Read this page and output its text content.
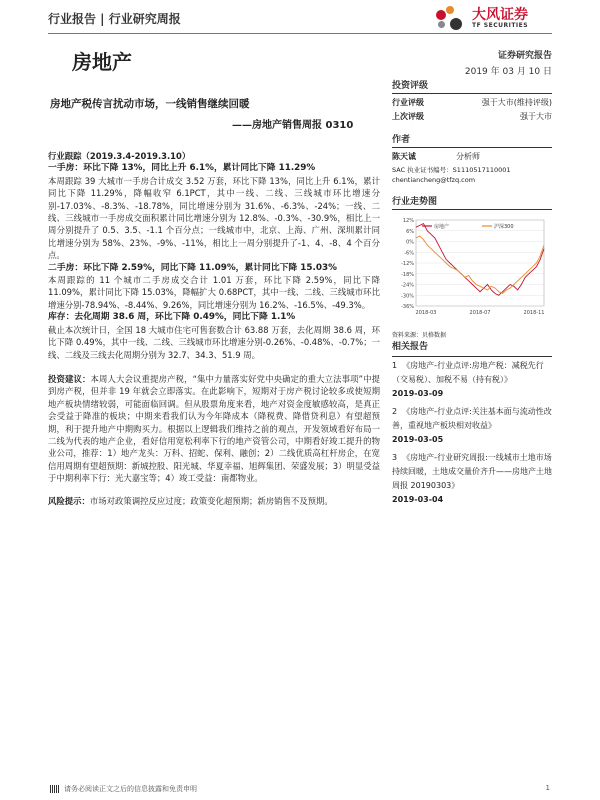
行业报告 | 行业研究周报	大风证券
TF SECURITIES
房地产	证券研究报告
2019 年 03 月 10 日
房地产税传言扰动市场，一线销售继续回暖
——房地产销售周报 0310

行业跟踪（2019.3.4-2019.3.10）

一手房：环比下降 13%，同比上升 6.1%，累计同比下降 11.29%

本周跟踪 39 大城市一手房合计成交 3.52 万套，环比下降 13%，同比上升 6.1%，累计同比下降 11.29%，降幅收窄 6.1PCT，其中一线、二线、三线城市环比增速分别-17.03%、-8.3%、-18.78%，同比增速分别为 31.6%、-6.3%、-24%；一线、二线、三线城市一手房成交面积累计同比增速分别为 12.8%、-0.3%、-30.9%，相比上一周分别提升了 0.5、3.5、-1.1 个百分点；一线城市中，北京、上海、广州、深圳累计同比增速分别为 58%、23%、-9%、-11%，相比上一周分别提升了-1、4、-8、4 个百分点。

二手房：环比下降 2.59%，同比下降 11.09%，累计同比下降 15.03%

本周跟踪的 11 个城市二手房成交合计 1.01 万套，环比下降 2.59%，同比下降 11.09%，累计同比下降 15.03%，降幅扩大 0.68PCT，其中一线、二线、三线城市环比增速分别-78.94%、-8.44%、9.26%，同比增速分别为 16.2%、-16.5%、-49.3%。

库存：去化周期 38.6 周，环比下降 0.49%，同比下降 1.1%

截止本次统计日，全国 18 大城市住宅可售套数合计 63.88 万套，去化周期 38.6 周，环比下降 0.49%，其中一线、二线、三线城市环比增速分别-0.26%、-0.48%、-0.7%；一线、二线及三线去化周期分别为 32.7、34.3、51.9 周。

投资建议：本周人大会议重提房产税，“集中力量落实好党中央确定的重大立法事项”中提到房产税，但并非 19 年就会立即落实。在此影响下，短期对于房产税讨论较多或使短期地产板块情绪较弱，可能面临回调。但从股票角度来看，地产对资金度敏感较高，是真正会受益于降准的板块；中期来看我们认为今年降成本（降税费、降借贷利息）有望超预期，利于提升地产中期购买力。根据以上逻辑我们维持之前的观点，开发领域看好布局一二线为代表的地产企业，看好信用宽松利率下行的地产资管公司，中期看好竣工提升的物业公司，推荐：1）地产龙头：万科、招蛇、保利、融创；2）二线优质高杠杆房企，在宽信用周期有望超预期：新城控股、阳光城、华夏幸福、旭辉集团、荣盛发展；3）明显受益于中期利率下行：光大嘉宝等；4）竣工受益：南都物业。

风险提示：市场对政策调控反应过度；政策变化超预期；新房销售不及预期。

投资评级
行业评级	强于大市(维持评级)
上次评级	强于大市
作者
陈天诚	分析师
SAC 执业证书编号：S1110517110001
chentiancheng@tfzq.com
行业走势图
12%
6%
0%
-6%
-12%
-18%
-24%
-30%
-36%
2018-03	2018-07	2018-11
房地产	沪深300
资料来源：贝格数据
相关报告
1 《房地产-行业点评:房地产税：减税先行（交易税）、加税不易（持有税）》
2019-03-09
2 《房地产-行业点评:关注基本面与流动性改善，重视地产板块相对收益》
2019-03-05
3 《房地产-行业研究周报:一线城市土地市场持续回暖，土地成交量价齐升——房地产土地周报 20190303》
2019-03-04
请务必阅读正文之后的信息披露和免责申明	1
